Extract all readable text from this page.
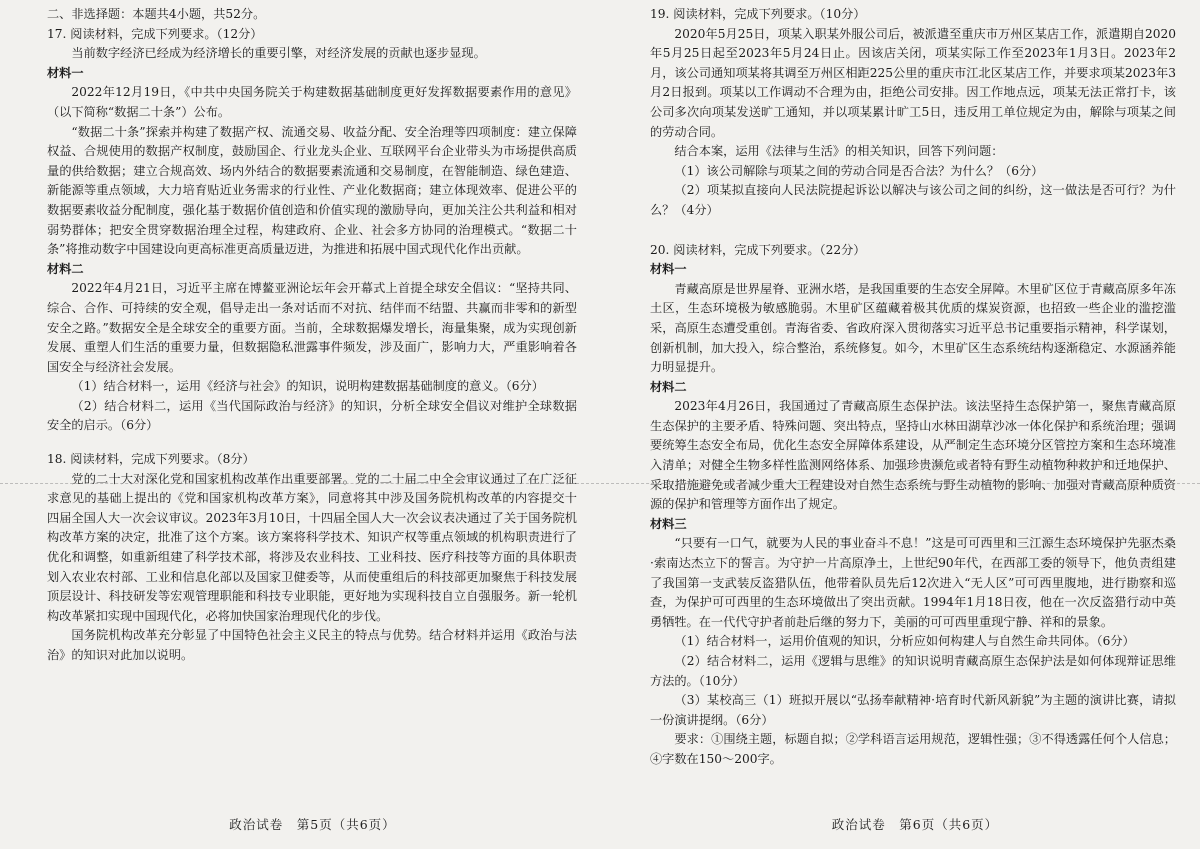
二、非选择题：本题共4小题，共52分。

17. 阅读材料，完成下列要求。（12分）

当前数字经济已经成为经济增长的重要引擎，对经济发展的贡献也逐步显现。

材料一

2022年12月19日，《中共中央国务院关于构建数据基础制度更好发挥数据要素作用的意见》（以下简称“数据二十条”）公布。

“数据二十条”探索并构建了数据产权、流通交易、收益分配、安全治理等四项制度：建立保障权益、合规使用的数据产权制度，鼓励国企、行业龙头企业、互联网平台企业带头为市场提供高质量的供给数据；建立合规高效、场内外结合的数据要素流通和交易制度，在智能制造、绿色建造、新能源等重点领域，大力培育贴近业务需求的行业性、产业化数据商；建立体现效率、促进公平的数据要素收益分配制度，强化基于数据价值创造和价值实现的激励导向，更加关注公共利益和相对弱势群体；把安全贯穿数据治理全过程，构建政府、企业、社会多方协同的治理模式。“数据二十条”将推动数字中国建设向更高标准更高质量迈进，为推进和拓展中国式现代化作出贡献。

材料二

2022年4月21日，习近平主席在博鳌亚洲论坛年会开幕式上首提全球安全倡议：“坚持共同、综合、合作、可持续的安全观，倡导走出一条对话而不对抗、结伴而不结盟、共赢而非零和的新型安全之路。”数据安全是全球安全的重要方面。当前，全球数据爆发增长，海量集聚，成为实现创新发展、重塑人们生活的重要力量，但数据隐私泄露事件频发，涉及面广，影响力大，严重影响着各国安全与经济社会发展。

（1）结合材料一，运用《经济与社会》的知识，说明构建数据基础制度的意义。（6分）

（2）结合材料二，运用《当代国际政治与经济》的知识，分析全球安全倡议对维护全球数据安全的启示。（6分）

18. 阅读材料，完成下列要求。（8分）

党的二十大对深化党和国家机构改革作出重要部署。党的二十届二中全会审议通过了在广泛征求意见的基础上提出的《党和国家机构改革方案》，同意将其中涉及国务院机构改革的内容提交十四届全国人大一次会议审议。2023年3月10日，十四届全国人大一次会议表决通过了关于国务院机构改革方案的决定，批准了这个方案。该方案将科学技术、知识产权等重点领域的机构职责进行了优化和调整，如重新组建了科学技术部，将涉及农业科技、工业科技、医疗科技等方面的具体职责划入农业农村部、工业和信息化部以及国家卫健委等，从而使重组后的科技部更加聚焦于科技发展顶层设计、科技研发等宏观管理职能和科技专业职能，更好地为实现科技自立自强服务。新一轮机构改革紧扣实现中国现代化，必将加快国家治理现代化的步伐。

国务院机构改革充分彰显了中国特色社会主义民主的特点与优势。结合材料并运用《政治与法治》的知识对此加以说明。

政治试卷　第5页（共6页）

19. 阅读材料，完成下列要求。（10分）

2020年5月25日，项某入职某外服公司后，被派遣至重庆市万州区某店工作，派遣期自2020年5月25日起至2023年5月24日止。因该店关闭，项某实际工作至2023年1月3日。2023年2月，该公司通知项某将其调至万州区相距225公里的重庆市江北区某店工作，并要求项某2023年3月2日报到。项某以工作调动不合理为由，拒绝公司安排。因工作地点远，项某无法正常打卡，该公司多次向项某发送旷工通知，并以项某累计旷工5日，违反用工单位规定为由，解除与项某之间的劳动合同。

结合本案，运用《法律与生活》的相关知识，回答下列问题：

（1）该公司解除与项某之间的劳动合同是否合法？为什么？（6分）

（2）项某拟直接向人民法院提起诉讼以解决与该公司之间的纠纷，这一做法是否可行？为什么？（4分）

20. 阅读材料，完成下列要求。（22分）

材料一

青藏高原是世界屋脊、亚洲水塔，是我国重要的生态安全屏障。木里矿区位于青藏高原多年冻土区，生态环境极为敏感脆弱。木里矿区蕴藏着极其优质的煤炭资源，也招致一些企业的滥挖滥采，高原生态遭受重创。青海省委、省政府深入贯彻落实习近平总书记重要指示精神，科学谋划，创新机制，加大投入，综合整治，系统修复。如今，木里矿区生态系统结构逐渐稳定、水源涵养能力明显提升。

材料二

2023年4月26日，我国通过了青藏高原生态保护法。该法坚持生态保护第一，聚焦青藏高原生态保护的主要矛盾、特殊问题、突出特点，坚持山水林田湖草沙冰一体化保护和系统治理；强调要统筹生态安全布局，优化生态安全屏障体系建设，从严制定生态环境分区管控方案和生态环境准入清单；对健全生物多样性监测网络体系、加强珍贵濒危或者特有野生动植物种救护和迁地保护、采取措施避免或者减少重大工程建设对自然生态系统与野生动植物的影响、加强对青藏高原种质资源的保护和管理等方面作出了规定。

材料三

“只要有一口气，就要为人民的事业奋斗不息！”这是可可西里和三江源生态环境保护先驱杰桑·索南达杰立下的誓言。为守护一片高原净土，上世纪90年代，在西部工委的领导下，他负责组建了我国第一支武装反盗猎队伍，他带着队员先后12次进入“无人区”可可西里腹地，进行勘察和巡查，为保护可可西里的生态环境做出了突出贡献。1994年1月18日夜，他在一次反盗猎行动中英勇牺牲。在一代代守护者前赴后继的努力下，美丽的可可西里重现宁静、祥和的景象。

（1）结合材料一，运用价值观的知识，分析应如何构建人与自然生命共同体。（6分）

（2）结合材料二，运用《逻辑与思维》的知识说明青藏高原生态保护法是如何体现辩证思维方法的。（10分）

（3）某校高三（1）班拟开展以“弘扬奉献精神·培育时代新风新貌”为主题的演讲比赛，请拟一份演讲提纲。（6分）

要求：①围绕主题，标题自拟；②学科语言运用规范，逻辑性强；③不得透露任何个人信息；④字数在150～200字。

政治试卷　第6页（共6页）
